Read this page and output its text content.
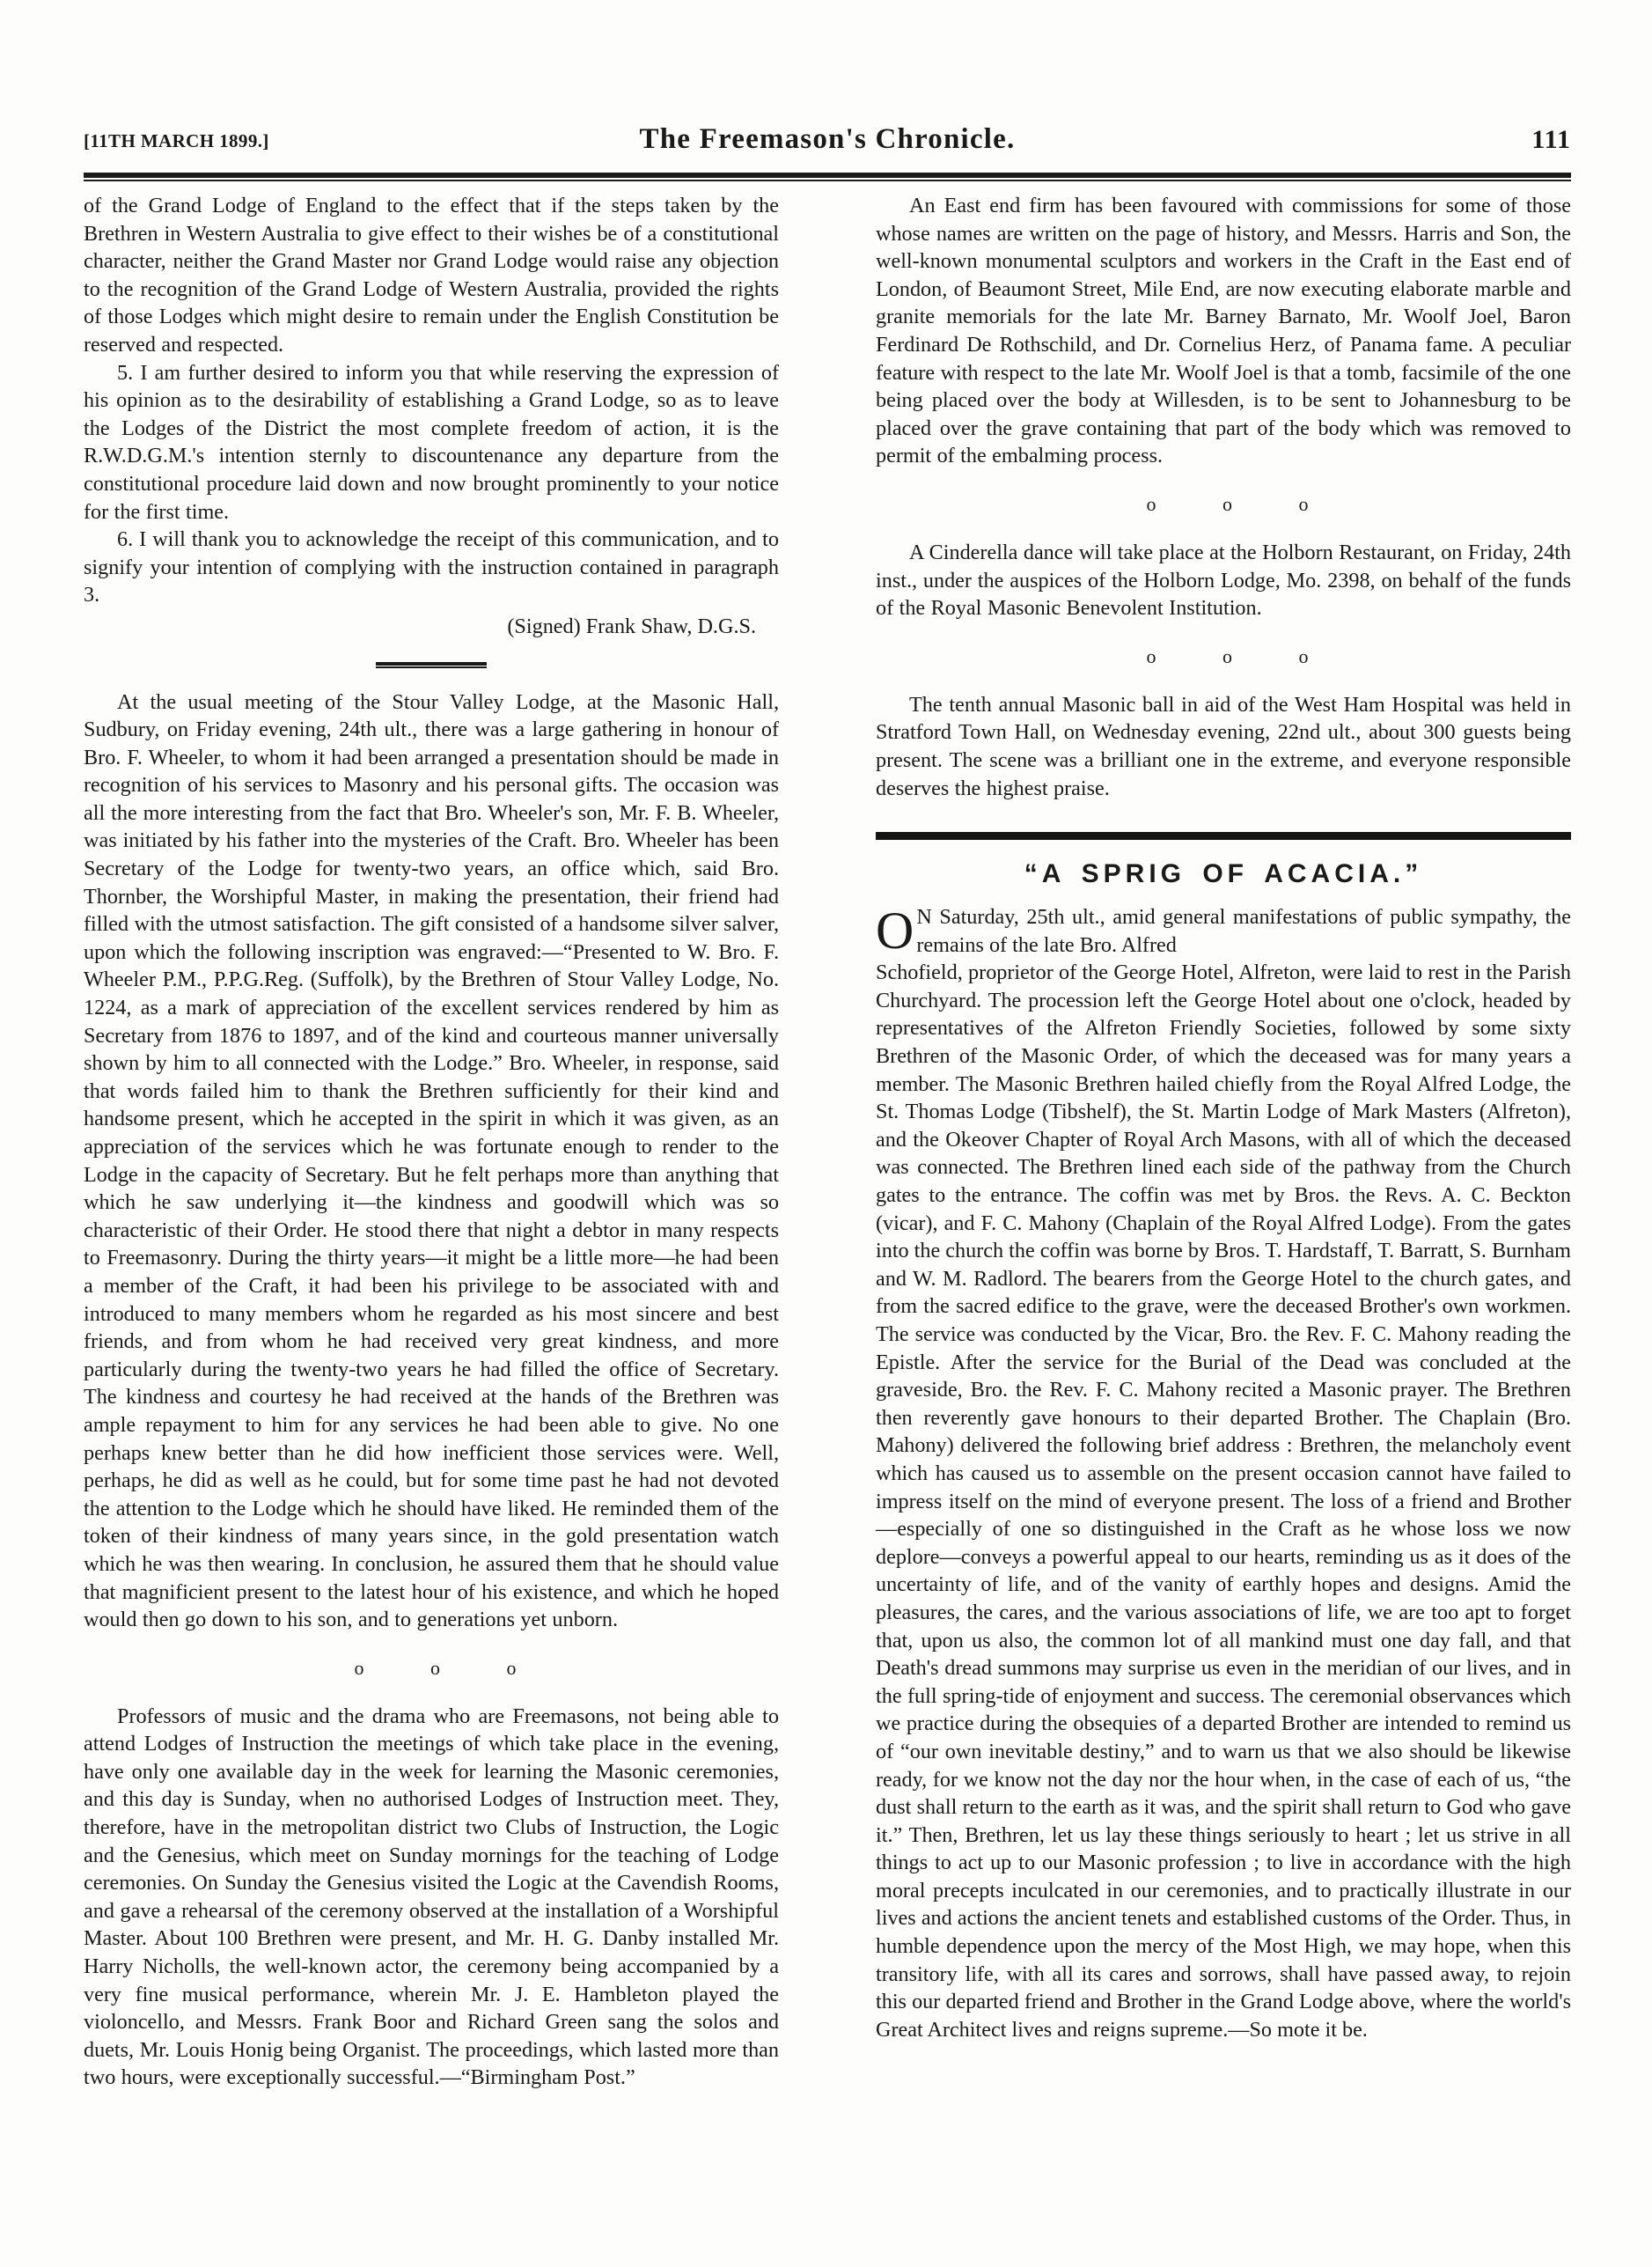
[11TH MARCH 1899.]	The Freemason's Chronicle.	111

of the Grand Lodge of England to the effect that if the steps taken by the Brethren in Western Australia to give effect to their wishes be of a constitutional character, neither the Grand Master nor Grand Lodge would raise any objection to the recognition of the Grand Lodge of Western Australia, provided the rights of those Lodges which might desire to remain under the English Constitution be reserved and respected.

5. I am further desired to inform you that while reserving the expression of his opinion as to the desirability of establishing a Grand Lodge, so as to leave the Lodges of the District the most complete freedom of action, it is the R.W.D.G.M.'s intention sternly to discountenance any departure from the constitutional procedure laid down and now brought prominently to your notice for the first time.

6. I will thank you to acknowledge the receipt of this communication, and to signify your intention of complying with the instruction contained in paragraph 3.

(Signed) Frank Shaw, D.G.S.

At the usual meeting of the Stour Valley Lodge, at the Masonic Hall, Sudbury, on Friday evening, 24th ult., there was a large gathering in honour of Bro. F. Wheeler, to whom it had been arranged a presentation should be made in recognition of his services to Masonry and his personal gifts. The occasion was all the more interesting from the fact that Bro. Wheeler's son, Mr. F. B. Wheeler, was initiated by his father into the mysteries of the Craft. Bro. Wheeler has been Secretary of the Lodge for twenty-two years, an office which, said Bro. Thornber, the Worshipful Master, in making the presentation, their friend had filled with the utmost satisfaction. The gift consisted of a handsome silver salver, upon which the following inscription was engraved:—“Presented to W. Bro. F. Wheeler P.M., P.P.G.Reg. (Suffolk), by the Brethren of Stour Valley Lodge, No. 1224, as a mark of appreciation of the excellent services rendered by him as Secretary from 1876 to 1897, and of the kind and courteous manner universally shown by him to all connected with the Lodge.” Bro. Wheeler, in response, said that words failed him to thank the Brethren sufficiently for their kind and handsome present, which he accepted in the spirit in which it was given, as an appreciation of the services which he was fortunate enough to render to the Lodge in the capacity of Secretary. But he felt perhaps more than anything that which he saw underlying it—the kindness and goodwill which was so characteristic of their Order. He stood there that night a debtor in many respects to Freemasonry. During the thirty years—it might be a little more—he had been a member of the Craft, it had been his privilege to be associated with and introduced to many members whom he regarded as his most sincere and best friends, and from whom he had received very great kindness, and more particularly during the twenty-two years he had filled the office of Secretary. The kindness and courtesy he had received at the hands of the Brethren was ample repayment to him for any services he had been able to give. No one perhaps knew better than he did how inefficient those services were. Well, perhaps, he did as well as he could, but for some time past he had not devoted the attention to the Lodge which he should have liked. He reminded them of the token of their kindness of many years since, in the gold presentation watch which he was then wearing. In conclusion, he assured them that he should value that magnificient present to the latest hour of his existence, and which he hoped would then go down to his son, and to generations yet unborn.

o	o	o

Professors of music and the drama who are Freemasons, not being able to attend Lodges of Instruction the meetings of which take place in the evening, have only one available day in the week for learning the Masonic ceremonies, and this day is Sunday, when no authorised Lodges of Instruction meet. They, therefore, have in the metropolitan district two Clubs of Instruction, the Logic and the Genesius, which meet on Sunday mornings for the teaching of Lodge ceremonies. On Sunday the Genesius visited the Logic at the Cavendish Rooms, and gave a rehearsal of the ceremony observed at the installation of a Worshipful Master. About 100 Brethren were present, and Mr. H. G. Danby installed Mr. Harry Nicholls, the well-known actor, the ceremony being accompanied by a very fine musical performance, wherein Mr. J. E. Hambleton played the violoncello, and Messrs. Frank Boor and Richard Green sang the solos and duets, Mr. Louis Honig being Organist. The proceedings, which lasted more than two hours, were exceptionally successful.—“Birmingham Post.”

An East end firm has been favoured with commissions for some of those whose names are written on the page of history, and Messrs. Harris and Son, the well-known monumental sculptors and workers in the Craft in the East end of London, of Beaumont Street, Mile End, are now executing elaborate marble and granite memorials for the late Mr. Barney Barnato, Mr. Woolf Joel, Baron Ferdinard De Rothschild, and Dr. Cornelius Herz, of Panama fame. A peculiar feature with respect to the late Mr. Woolf Joel is that a tomb, facsimile of the one being placed over the body at Willesden, is to be sent to Johannesburg to be placed over the grave containing that part of the body which was removed to permit of the embalming process.

o	o	o

A Cinderella dance will take place at the Holborn Restaurant, on Friday, 24th inst., under the auspices of the Holborn Lodge, Mo. 2398, on behalf of the funds of the Royal Masonic Benevolent Institution.

o	o	o

The tenth annual Masonic ball in aid of the West Ham Hospital was held in Stratford Town Hall, on Wednesday evening, 22nd ult., about 300 guests being present. The scene was a brilliant one in the extreme, and everyone responsible deserves the highest praise.

“A SPRIG OF ACACIA.”

O N Saturday, 25th ult., amid general manifestations of public sympathy, the remains of the late Bro. Alfred

Schofield, proprietor of the George Hotel, Alfreton, were laid to rest in the Parish Churchyard. The procession left the George Hotel about one o'clock, headed by representatives of the Alfreton Friendly Societies, followed by some sixty Brethren of the Masonic Order, of which the deceased was for many years a member. The Masonic Brethren hailed chiefly from the Royal Alfred Lodge, the St. Thomas Lodge (Tibshelf), the St. Martin Lodge of Mark Masters (Alfreton), and the Okeover Chapter of Royal Arch Masons, with all of which the deceased was connected. The Brethren lined each side of the pathway from the Church gates to the entrance. The coffin was met by Bros. the Revs. A. C. Beckton (vicar), and F. C. Mahony (Chaplain of the Royal Alfred Lodge). From the gates into the church the coffin was borne by Bros. T. Hardstaff, T. Barratt, S. Burnham and W. M. Radlord. The bearers from the George Hotel to the church gates, and from the sacred edifice to the grave, were the deceased Brother's own workmen. The service was conducted by the Vicar, Bro. the Rev. F. C. Mahony reading the Epistle. After the service for the Burial of the Dead was concluded at the graveside, Bro. the Rev. F. C. Mahony recited a Masonic prayer. The Brethren then reverently gave honours to their departed Brother. The Chaplain (Bro. Mahony) delivered the following brief address : Brethren, the melancholy event which has caused us to assemble on the present occasion cannot have failed to impress itself on the mind of everyone present. The loss of a friend and Brother—especially of one so distinguished in the Craft as he whose loss we now deplore—conveys a powerful appeal to our hearts, reminding us as it does of the uncertainty of life, and of the vanity of earthly hopes and designs. Amid the pleasures, the cares, and the various associations of life, we are too apt to forget that, upon us also, the common lot of all mankind must one day fall, and that Death's dread summons may surprise us even in the meridian of our lives, and in the full spring-tide of enjoyment and success. The ceremonial observances which we practice during the obsequies of a departed Brother are intended to remind us of “our own inevitable destiny,” and to warn us that we also should be likewise ready, for we know not the day nor the hour when, in the case of each of us, “the dust shall return to the earth as it was, and the spirit shall return to God who gave it.” Then, Brethren, let us lay these things seriously to heart ; let us strive in all things to act up to our Masonic profession ; to live in accordance with the high moral precepts inculcated in our ceremonies, and to practically illustrate in our lives and actions the ancient tenets and established customs of the Order. Thus, in humble dependence upon the mercy of the Most High, we may hope, when this transitory life, with all its cares and sorrows, shall have passed away, to rejoin this our departed friend and Brother in the Grand Lodge above, where the world's Great Architect lives and reigns supreme.—So mote it be.
